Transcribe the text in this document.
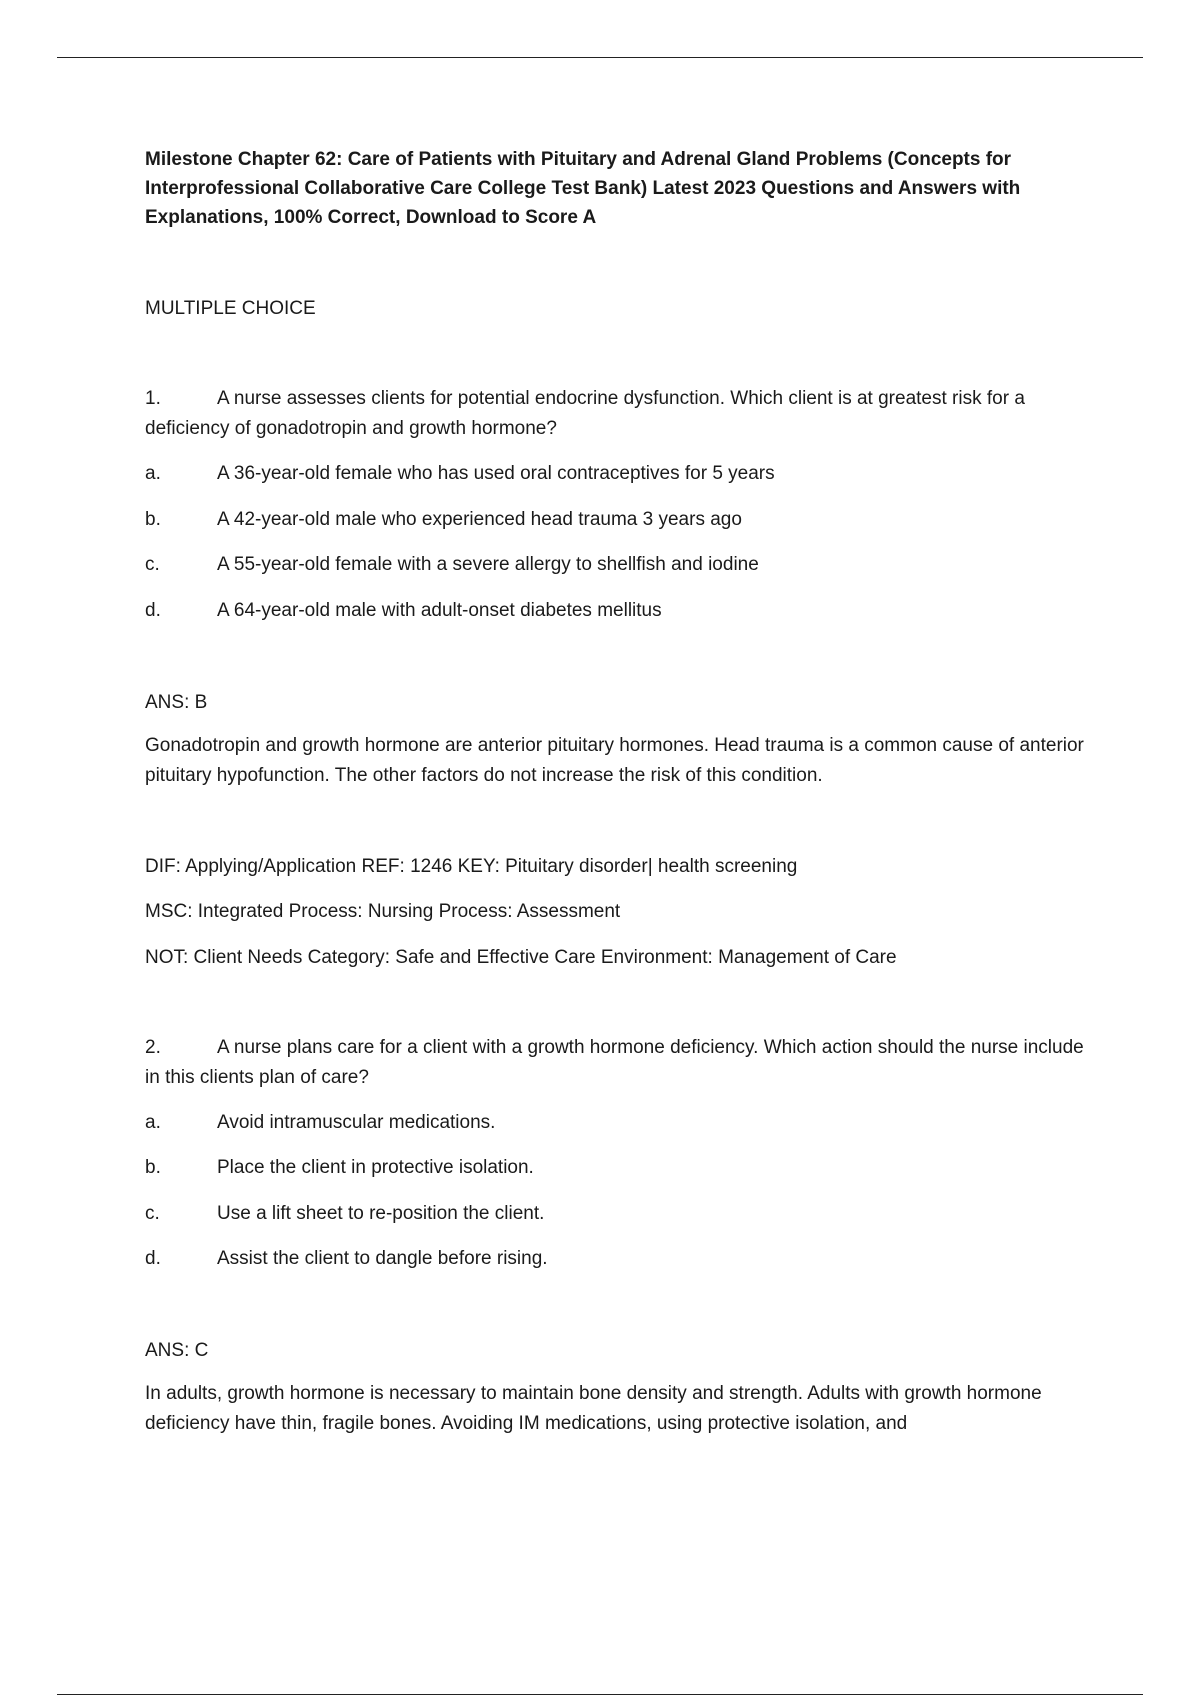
Milestone Chapter 62: Care of Patients with Pituitary and Adrenal Gland Problems (Concepts for Interprofessional Collaborative Care College Test Bank) Latest 2023 Questions and Answers with Explanations, 100% Correct, Download to Score A

MULTIPLE CHOICE

1.	A nurse assesses clients for potential endocrine dysfunction. Which client is at greatest risk for a deficiency of gonadotropin and growth hormone?

a.	A 36-year-old female who has used oral contraceptives for 5 years

b.	A 42-year-old male who experienced head trauma 3 years ago

c.	A 55-year-old female with a severe allergy to shellfish and iodine

d.	A 64-year-old male with adult-onset diabetes mellitus

ANS: B

Gonadotropin and growth hormone are anterior pituitary hormones. Head trauma is a common cause of anterior pituitary hypofunction. The other factors do not increase the risk of this condition.

DIF: Applying/Application REF: 1246 KEY: Pituitary disorder| health screening

MSC: Integrated Process: Nursing Process: Assessment

NOT: Client Needs Category: Safe and Effective Care Environment: Management of Care

2.	A nurse plans care for a client with a growth hormone deficiency. Which action should the nurse include in this clients plan of care?

a.	Avoid intramuscular medications.

b.	Place the client in protective isolation.

c.	Use a lift sheet to re-position the client.

d.	Assist the client to dangle before rising.

ANS: C

In adults, growth hormone is necessary to maintain bone density and strength. Adults with growth hormone deficiency have thin, fragile bones. Avoiding IM medications, using protective isolation, and
